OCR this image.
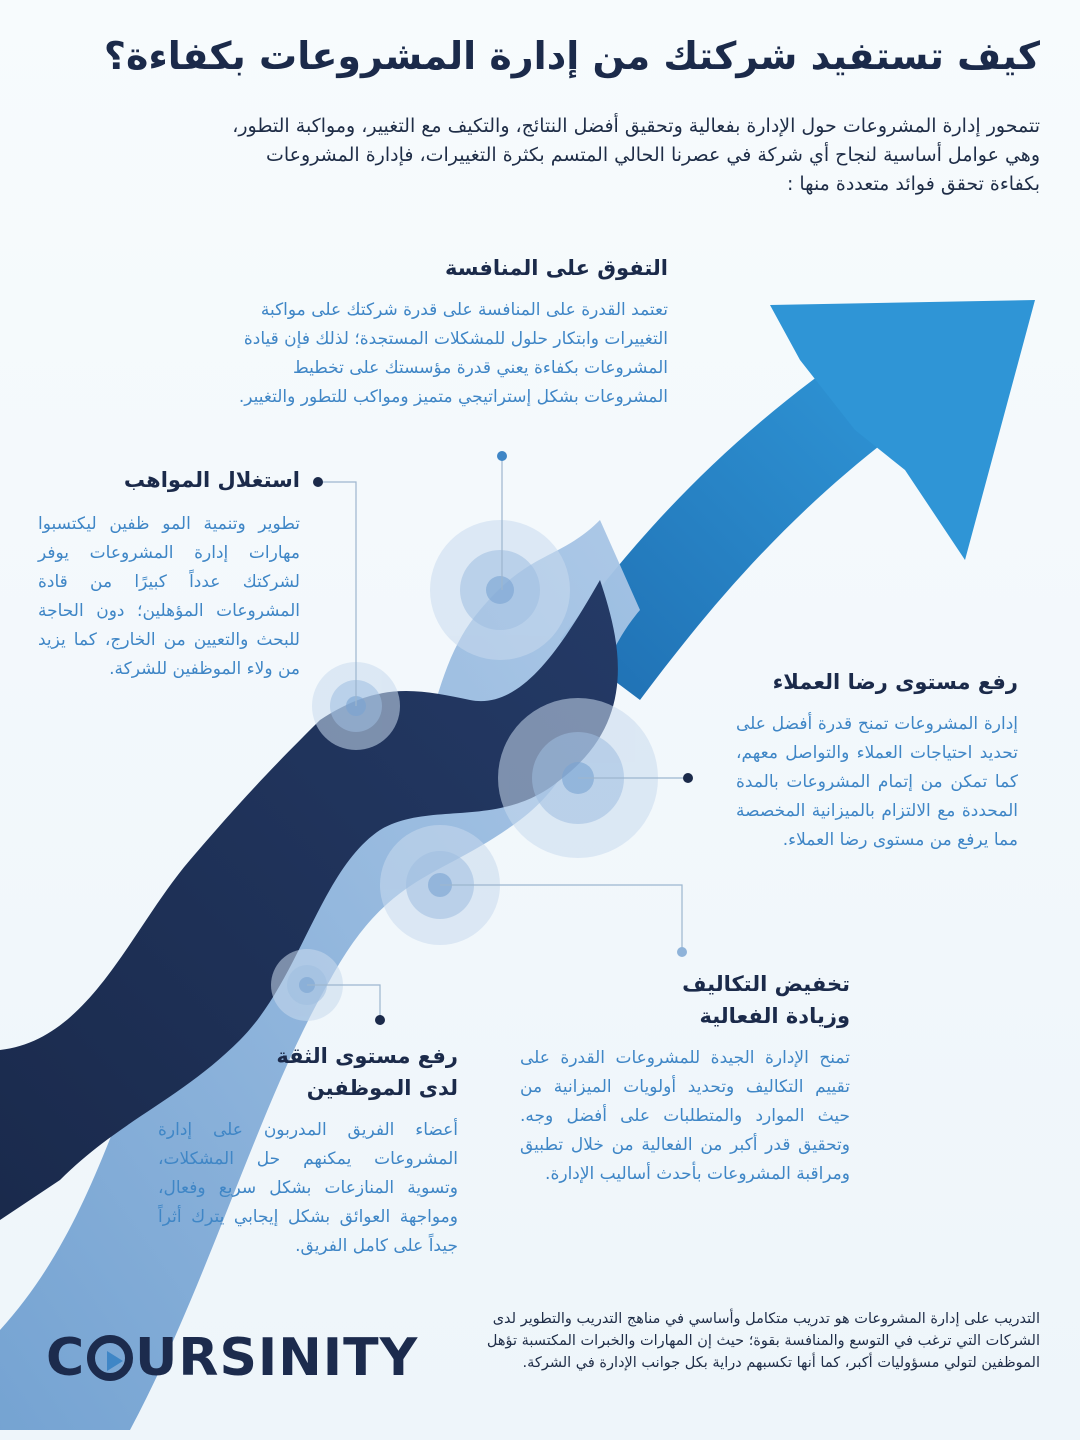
كيف تستفيد شركتك من إدارة المشروعات بكفاءة؟
تتمحور إدارة المشروعات حول الإدارة بفعالية وتحقيق أفضل النتائج، والتكيف مع التغيير، ومواكبة التطور، وهي عوامل أساسية لنجاح أي شركة في عصرنا الحالي المتسم بكثرة التغييرات، فإدارة المشروعات بكفاءة تحقق فوائد متعددة منها :
التفوق على المنافسة
تعتمد القدرة على المنافسة على قدرة شركتك على مواكبة التغييرات وابتكار حلول للمشكلات المستجدة؛ لذلك فإن قيادة المشروعات بكفاءة يعني قدرة مؤسستك على تخطيط المشروعات بشكل إستراتيجي متميز ومواكب للتطور والتغيير.
استغلال المواهب
تطوير وتنمية المو ظفين ليكتسبوا مهارات إدارة المشروعات يوفر لشركتك عدداً كبيرًا من قادة المشروعات المؤهلين؛ دون الحاجة للبحث والتعيين من الخارج، كما يزيد من ولاء الموظفين للشركة.
رفع مستوى رضا العملاء
إدارة المشروعات تمنح قدرة أفضل على تحديد احتياجات العملاء والتواصل معهم، كما تمكن من إتمام المشروعات بالمدة المحددة مع الالتزام بالميزانية المخصصة مما يرفع من مستوى رضا العملاء.
تخفيض التكاليف
وزيادة الفعالية
تمنح الإدارة الجيدة للمشروعات القدرة على تقييم التكاليف وتحديد أولويات الميزانية من حيث الموارد والمتطلبات على أفضل وجه. وتحقيق قدر أكبر من الفعالية من خلال تطبيق ومراقبة المشروعات بأحدث أساليب الإدارة.
رفع مستوى الثقة
لدى الموظفين
أعضاء الفريق المدربون على إدارة المشروعات يمكنهم حل المشكلات، وتسوية المنازعات بشكل سريع وفعال، ومواجهة العوائق بشكل إيجابي يترك أثراً جيداً على كامل الفريق.
التدريب على إدارة المشروعات هو تدريب متكامل وأساسي في مناهج التدريب والتطوير لدى الشركات التي ترغب في التوسع والمنافسة بقوة؛ حيث إن المهارات والخبرات المكتسبة تؤهل الموظفين لتولي مسؤوليات أكبر، كما أنها تكسبهم دراية بكل جوانب الإدارة في الشركة.
C URSINITY
